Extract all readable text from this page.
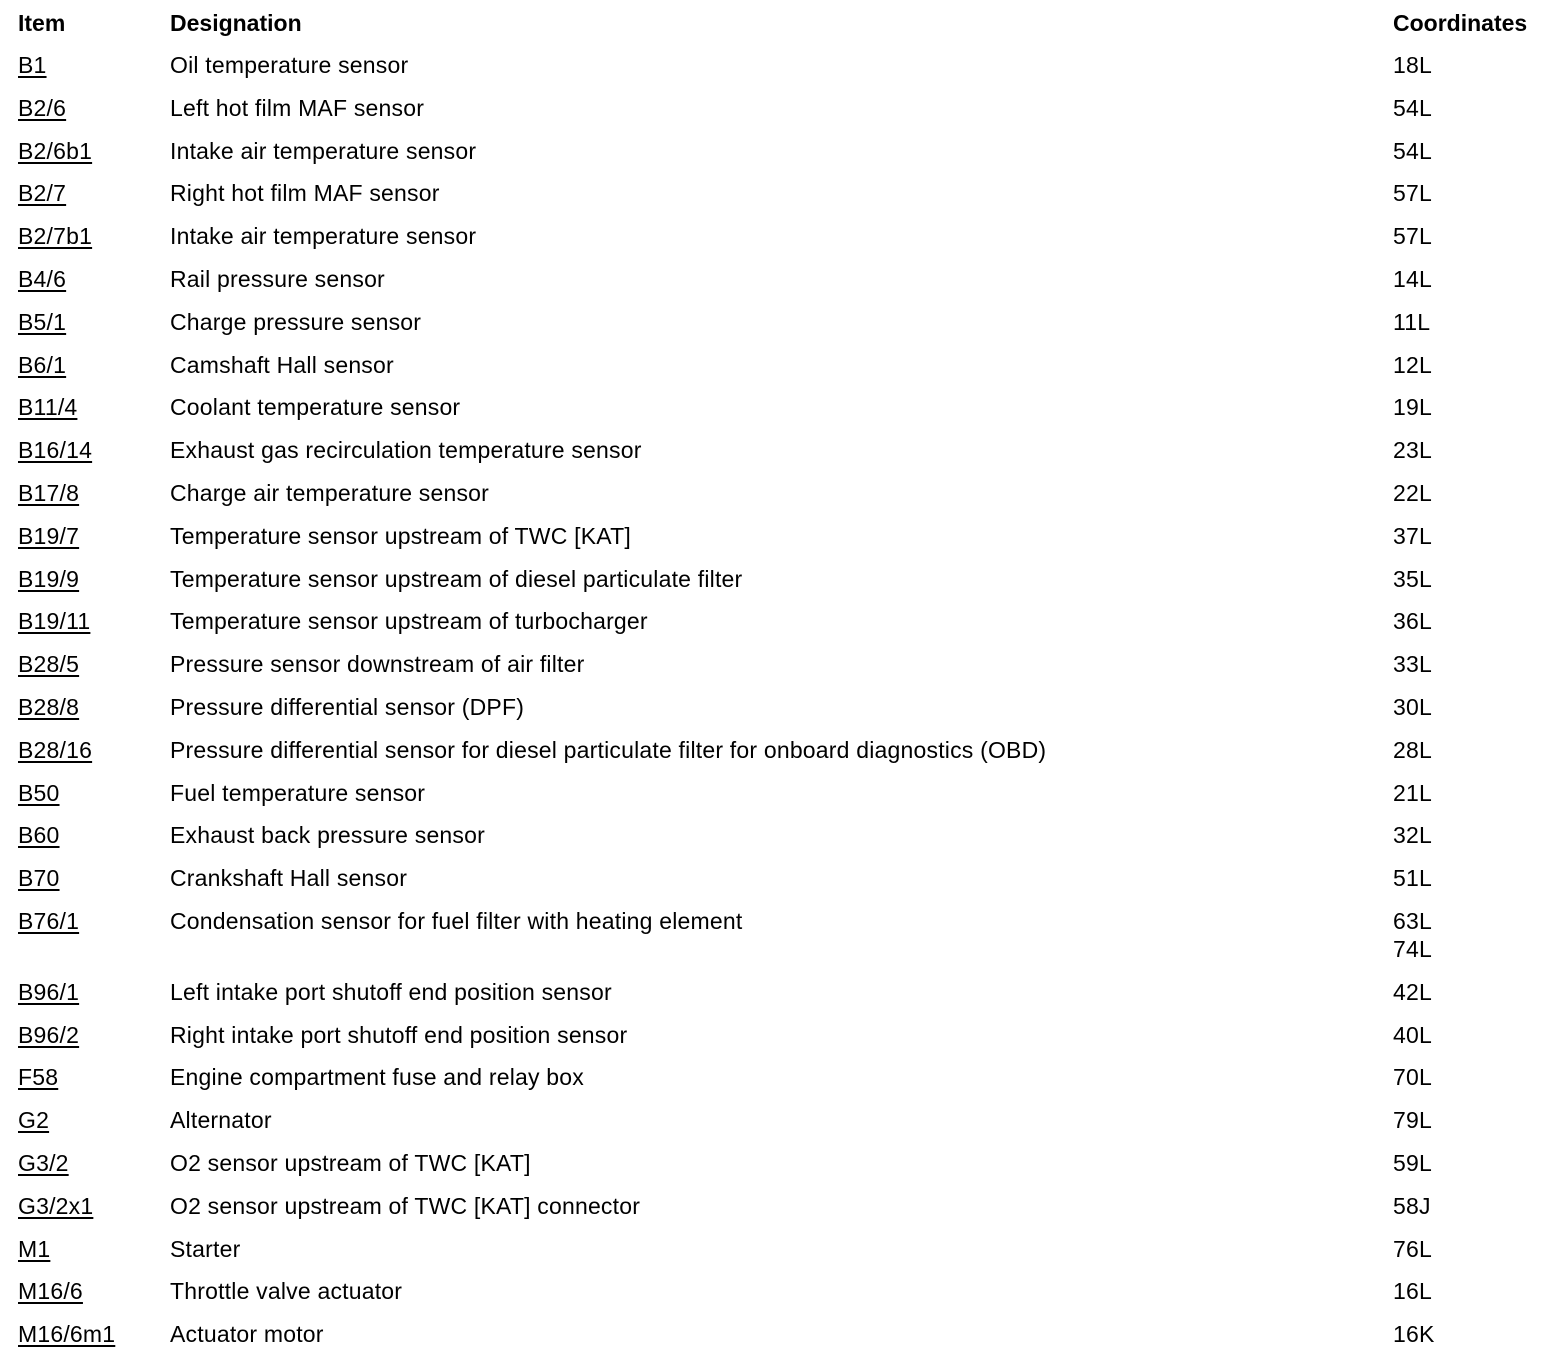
Item	Designation	Coordinates
B1	Oil temperature sensor	18L

B2/6	Left hot film MAF sensor	54L

B2/6b1	Intake air temperature sensor	54L

B2/7	Right hot film MAF sensor	57L

B2/7b1	Intake air temperature sensor	57L

B4/6	Rail pressure sensor	14L

B5/1	Charge pressure sensor	11L

B6/1	Camshaft Hall sensor	12L

B11/4	Coolant temperature sensor	19L

B16/14	Exhaust gas recirculation temperature sensor	23L

B17/8	Charge air temperature sensor	22L

B19/7	Temperature sensor upstream of TWC [KAT]	37L

B19/9	Temperature sensor upstream of diesel particulate filter	35L

B19/11	Temperature sensor upstream of turbocharger	36L

B28/5	Pressure sensor downstream of air filter	33L

B28/8	Pressure differential sensor (DPF)	30L

B28/16	Pressure differential sensor for diesel particulate filter for onboard diagnostics (OBD)	28L

B50	Fuel temperature sensor	21L

B60	Exhaust back pressure sensor	32L

B70	Crankshaft Hall sensor	51L

B76/1	Condensation sensor for fuel filter with heating element	63L
74L

B96/1	Left intake port shutoff end position sensor	42L

B96/2	Right intake port shutoff end position sensor	40L

F58	Engine compartment fuse and relay box	70L

G2	Alternator	79L

G3/2	O2 sensor upstream of TWC [KAT]	59L

G3/2x1	O2 sensor upstream of TWC [KAT] connector	58J

M1	Starter	76L

M16/6	Throttle valve actuator	16L

M16/6m1	Actuator motor	16K
